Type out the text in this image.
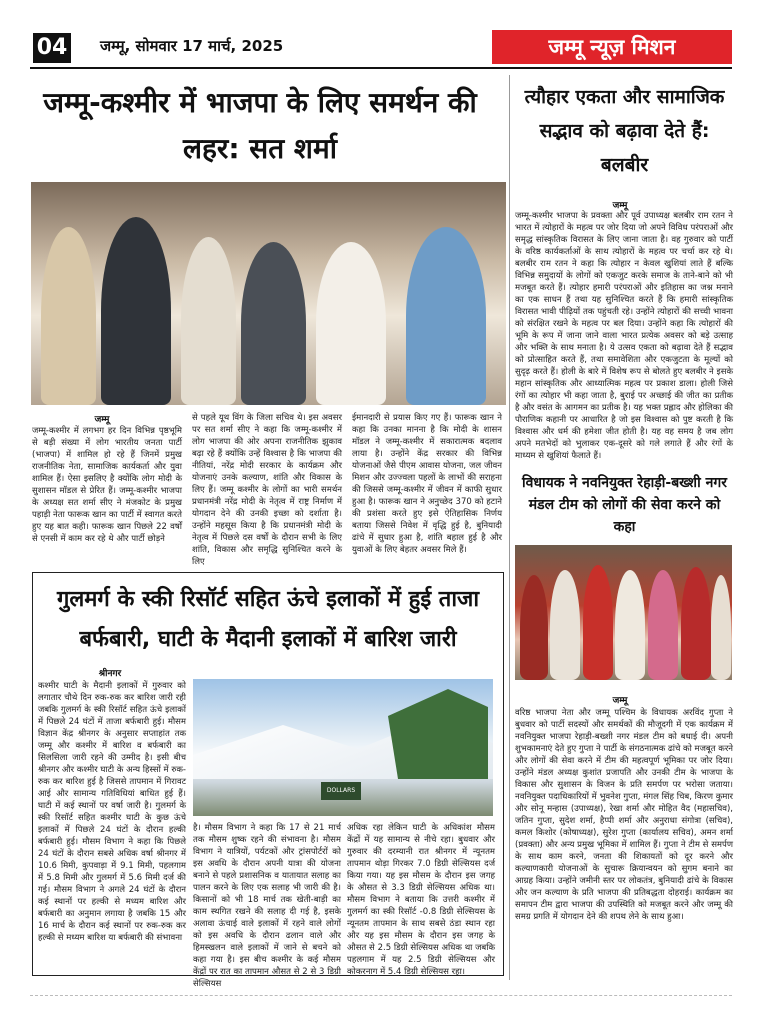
04 जम्मू, सोमवार 17 मार्च, 2025	जम्मू न्यूज़ मिशन
जम्मू-कश्मीर में भाजपा के लिए समर्थन की लहर: सत शर्मा
जम्मू
जम्मू-कश्मीर में लगभग हर दिन विभिन्न पृष्ठभूमि से बड़ी संख्या में लोग भारतीय जनता पार्टी (भाजपा) में शामिल हो रहे हैं जिनमें प्रमुख राजनीतिक नेता, सामाजिक कार्यकर्ता और युवा शामिल हैं। ऐसा इसलिए है क्योंकि लोग मोदी के सुशासन मॉडल से प्रेरित हैं। जम्मू-कश्मीर भाजपा के अध्यक्ष सत शर्मा सीए ने मंजकोट के प्रमुख पहाड़ी नेता फारूक खान का पार्टी में स्वागत करते हुए यह बात कही। फारूक खान पिछले 22 वर्षों से एनसी में काम कर रहे थे और पार्टी छोड़ने
से पहले यूथ विंग के जिला सचिव थे। इस अवसर पर सत शर्मा सीए ने कहा कि जम्मू-कश्मीर में लोग भाजपा की ओर अपना राजनीतिक झुकाव बढ़ा रहे हैं क्योंकि उन्हें विश्वास है कि भाजपा की नीतियां, नरेंद्र मोदी सरकार के कार्यक्रम और योजनाएं उनके कल्याण, शांति और विकास के लिए हैं। जम्मू कश्मीर के लोगों का भारी समर्थन प्रधानमंत्री नरेंद्र मोदी के नेतृत्व में राष्ट्र निर्माण में योगदान देने की उनकी इच्छा को दर्शाता है। उन्होंने महसूस किया है कि प्रधानमंत्री मोदी के नेतृत्व में पिछले दस वर्षों के दौरान सभी के लिए शांति, विकास और समृद्धि सुनिश्चित करने के लिए
ईमानदारी से प्रयास किए गए हैं। फारूक खान ने कहा कि उनका मानना है कि मोदी के शासन मॉडल ने जम्मू-कश्मीर में सकारात्मक बदलाव लाया है। उन्होंने केंद्र सरकार की विभिन्न योजनाओं जैसे पीएम आवास योजना, जल जीवन मिशन और उज्ज्वला पहलों के लाभों की सराहना की जिससे जम्मू-कश्मीर में जीवन में काफी सुधार हुआ है। फारूक खान ने अनुच्छेद 370 को हटाने की प्रशंसा करते हुए इसे ऐतिहासिक निर्णय बताया जिससे निवेश में वृद्धि हुई है, बुनियादी ढांचे में सुधार हुआ है, शांति बहाल हुई है और युवाओं के लिए बेहतर अवसर मिले हैं।
त्यौहार एकता और सामाजिक सद्भाव को बढ़ावा देते हैं: बलबीर
जम्मू
जम्मू-कश्मीर भाजपा के प्रवक्ता और पूर्व उपाध्यक्ष बलबीर राम रतन ने भारत में त्योहारों के महत्व पर जोर दिया जो अपने विविध परंपराओं और समृद्ध सांस्कृतिक विरासत के लिए जाना जाता है। वह गुरुवार को पार्टी के वरिष्ठ कार्यकर्ताओं के साथ त्योहारों के महत्व पर चर्चा कर रहे थे। बलबीर राम रतन ने कहा कि त्योहार न केवल खुशियां लाते हैं बल्कि विभिन्न समुदायों के लोगों को एकजुट करके समाज के ताने-बाने को भी मजबूत करते हैं। त्योहार हमारी परंपराओं और इतिहास का जश्न मनाने का एक साधन हैं तथा यह सुनिश्चित करते हैं कि हमारी सांस्कृतिक विरासत भावी पीढ़ियों तक पहुंचती रहे। उन्होंने त्योहारों की सच्ची भावना को संरक्षित रखने के महत्व पर बल दिया। उन्होंने कहा कि त्योहारों की भूमि के रूप में जाना जाने वाला भारत प्रत्येक अवसर को बड़े उत्साह और भक्ति के साथ मनाता है। ये उत्सव एकता को बढ़ावा देते हैं सद्भाव को प्रोत्साहित करते हैं, तथा समावेशिता और एकजुटता के मूल्यों को सुदृढ़ करते हैं। होली के बारे में विशेष रूप से बोलते हुए बलबीर ने इसके महान सांस्कृतिक और आध्यात्मिक महत्व पर प्रकाश डाला। होली जिसे रंगों का त्योहार भी कहा जाता है, बुराई पर अच्छाई की जीत का प्रतीक है और वसंत के आगमन का प्रतीक है। यह भक्त प्रह्लाद और होलिका की पौराणिक कहानी पर आधारित है जो इस विश्वास को पुष्ट करती है कि विश्वास और धर्म की हमेशा जीत होती है। यह वह समय है जब लोग अपने मतभेदों को भुलाकर एक-दूसरे को गले लगाते हैं और रंगों के माध्यम से खुशियां फैलाते हैं।
विधायक ने नवनियुक्त रेहाड़ी-बख्शी नगर मंडल टीम को लोगों की सेवा करने को कहा
जम्मू
वरिष्ठ भाजपा नेता और जम्मू पश्चिम के विधायक अरविंद गुप्ता ने बुधवार को पार्टी सदस्यों और समर्थकों की मौजूदगी में एक कार्यक्रम में नवनियुक्त भाजपा रेहाड़ी-बख्शी नगर मंडल टीम को बधाई दी। अपनी शुभकामनाएं देते हुए गुप्ता ने पार्टी के संगठनात्मक ढांचे को मजबूत करने और लोगों की सेवा करने में टीम की महत्वपूर्ण भूमिका पर जोर दिया। उन्होंने मंडल अध्यक्ष कुशांत प्रजापति और उनकी टीम के भाजपा के विकास और सुशासन के विजन के प्रति समर्पण पर भरोसा जताया। नवनियुक्त पदाधिकारियों में भुवनेश गुप्ता, मंगल सिंह चिब, किरण कुमार और सोनू मन्हास (उपाध्यक्ष), रेखा शर्मा और मोहित वैद (महासचिव), जतिन गुप्ता, सुदेश शर्मा, हैप्पी शर्मा और अनुराधा संगोत्रा (सचिव), कमल किशोर (कोषाध्यक्ष), सुरेश गुप्ता (कार्यालय सचिव), अमन शर्मा (प्रवक्ता) और अन्य प्रमुख भूमिका में शामिल हैं। गुप्ता ने टीम से समर्पण के साथ काम करने, जनता की शिकायतों को दूर करने और कल्याणकारी योजनाओं के सुचारू क्रियान्वयन को सुगम बनाने का आग्रह किया। उन्होंने जमीनी स्तर पर लोकतंत्र, बुनियादी ढांचे के विकास और जन कल्याण के प्रति भाजपा की प्रतिबद्धता दोहराई। कार्यक्रम का समापन टीम द्वारा भाजपा की उपस्थिति को मजबूत करने और जम्मू की समग्र प्रगति में योगदान देने की शपथ लेने के साथ हुआ।
गुलमर्ग के स्की रिसॉर्ट सहित ऊंचे इलाकों में हुई ताजा बर्फबारी, घाटी के मैदानी इलाकों में बारिश जारी
श्रीनगर
कश्मीर घाटी के मैदानी इलाकों में गुरुवार को लगातार चौथे दिन रुक-रुक कर बारिश जारी रही जबकि गुलमर्ग के स्की रिसॉर्ट सहित ऊंचे इलाकों में पिछले 24 घंटों में ताजा बर्फबारी हुई। मौसम विज्ञान केंद्र श्रीनगर के अनुसार सप्ताहांत तक जम्मू और कश्मीर में बारिश व बर्फबारी का सिलसिला जारी रहने की उम्मीद है। इसी बीच श्रीनगर और कश्मीर घाटी के अन्य हिस्सों में रुक-रुक कर बारिश हुई है जिससे तापमान में गिरावट आई और सामान्य गतिविधियां बाधित हुई हैं। घाटी में कई स्थानों पर वर्षा जारी है। गुलमर्ग के स्की रिसॉर्ट सहित कश्मीर घाटी के कुछ ऊंचे इलाकों में पिछले 24 घंटों के दौरान हल्की बर्फबारी हुई। मौसम विभाग ने कहा कि पिछले 24 घंटों के दौरान सबसे अधिक वर्षा श्रीनगर में 10.6 मिमी, कुपवाड़ा में 9.1 मिमी, पहलगाम में 5.8 मिमी और गुलमर्ग में 5.6 मिमी दर्ज की गई। मौसम विभाग ने अगले 24 घंटों के दौरान कई स्थानों पर हल्की से मध्यम बारिश और बर्फबारी का अनुमान लगाया है जबकि 15 और 16 मार्च के दौरान कई स्थानों पर रुक-रुक कर हल्की से मध्यम बारिश या बर्फबारी की संभावना
DOLLARS
है। मौसम विभाग ने कहा कि 17 से 21 मार्च तक मौसम शुष्क रहने की संभावना है। मौसम विभाग ने यात्रियों, पर्यटकों और ट्रांसपोर्टरों को इस अवधि के दौरान अपनी यात्रा की योजना बनाने से पहले प्रशासनिक व यातायात सलाह का पालन करने के लिए एक सलाह भी जारी की है। किसानों को भी 18 मार्च तक खेती-बाड़ी का काम स्थगित रखने की सलाह दी गई है, इसके अलावा ऊंचाई वाले इलाकों में रहने वाले लोगों को इस अवधि के दौरान ढलान वाले और हिमस्खलन वाले इलाकों में जाने से बचने को कहा गया है। इस बीच कश्मीर के कई मौसम केंद्रों पर रात का तापमान औसत से 2 से 3 डिग्री सेल्सियस
अधिक रहा लेकिन घाटी के अधिकांश मौसम केंद्रों में यह सामान्य से नीचे रहा। बुधवार और गुरुवार की दरम्यानी रात श्रीनगर में न्यूनतम तापमान थोड़ा गिरकर 7.0 डिग्री सेल्सियस दर्ज किया गया। यह इस मौसम के दौरान इस जगह के औसत से 3.3 डिग्री सेल्सियस अधिक था। मौसम विभाग ने बताया कि उत्तरी कश्मीर में गुलमर्ग का स्की रिसॉर्ट -0.8 डिग्री सेल्सियस के न्यूनतम तापमान के साथ सबसे ठंडा स्थान रहा और यह इस मौसम के दौरान इस जगह के औसत से 2.5 डिग्री सेल्सियस अधिक था जबकि पहलगाम में यह 2.5 डिग्री सेल्सियस और कोकरनाग में 5.4 डिग्री सेल्सियस रहा।
